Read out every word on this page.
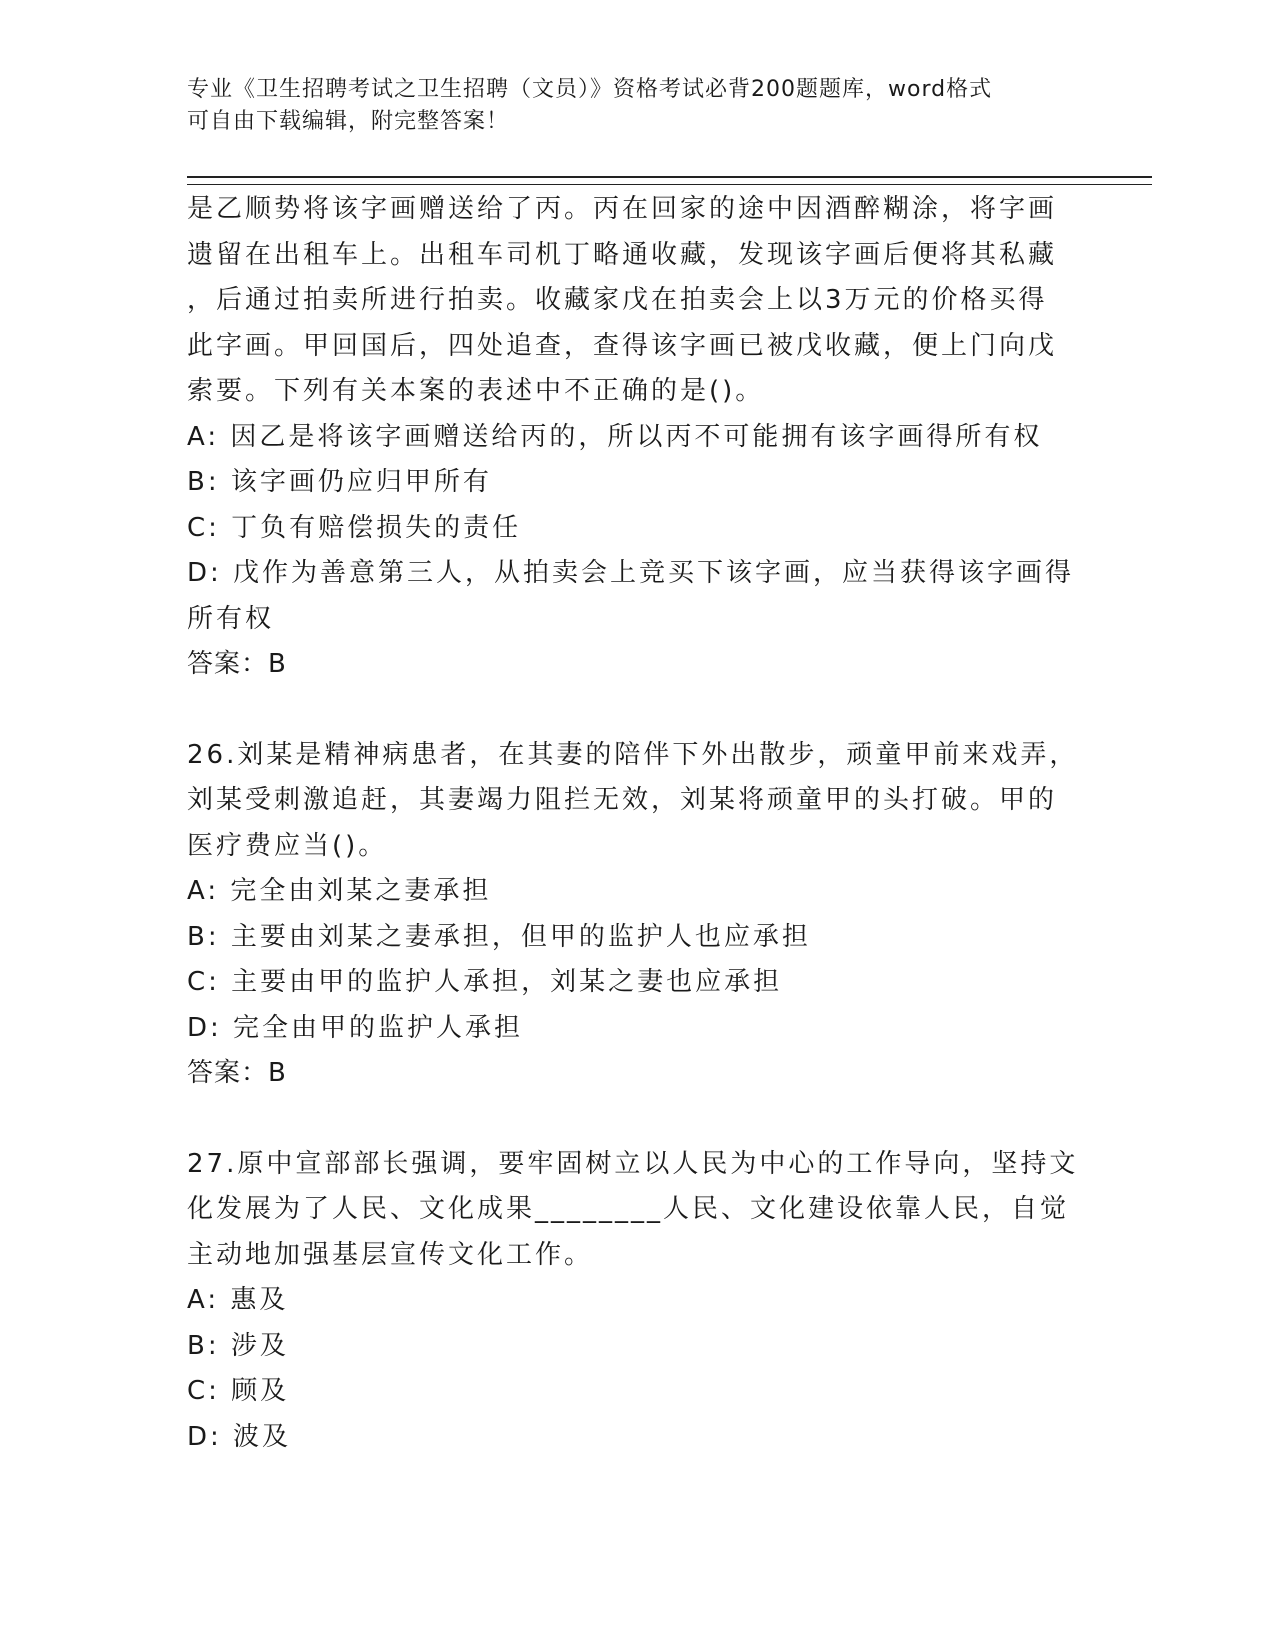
专业《卫生招聘考试之卫生招聘（文员）》资格考试必背200题题库，word格式
可自由下载编辑，附完整答案！

是乙顺势将该字画赠送给了丙。丙在回家的途中因酒醉糊涂，将字画

遗留在出租车上。出租车司机丁略通收藏，发现该字画后便将其私藏

，后通过拍卖所进行拍卖。收藏家戊在拍卖会上以3万元的价格买得

此字画。甲回国后，四处追查，查得该字画已被戊收藏，便上门向戊

索要。下列有关本案的表述中不正确的是()。

A: 因乙是将该字画赠送给丙的，所以丙不可能拥有该字画得所有权

B: 该字画仍应归甲所有

C: 丁负有赔偿损失的责任

D: 戊作为善意第三人，从拍卖会上竞买下该字画，应当获得该字画得

所有权

答案：B

26.刘某是精神病患者，在其妻的陪伴下外出散步，顽童甲前来戏弄，

刘某受刺激追赶，其妻竭力阻拦无效，刘某将顽童甲的头打破。甲的

医疗费应当()。

A: 完全由刘某之妻承担

B: 主要由刘某之妻承担，但甲的监护人也应承担

C: 主要由甲的监护人承担，刘某之妻也应承担

D: 完全由甲的监护人承担

答案：B

27.原中宣部部长强调，要牢固树立以人民为中心的工作导向，坚持文

化发展为了人民、文化成果________人民、文化建设依靠人民，自觉

主动地加强基层宣传文化工作。

A: 惠及

B: 涉及

C: 顾及

D: 波及
